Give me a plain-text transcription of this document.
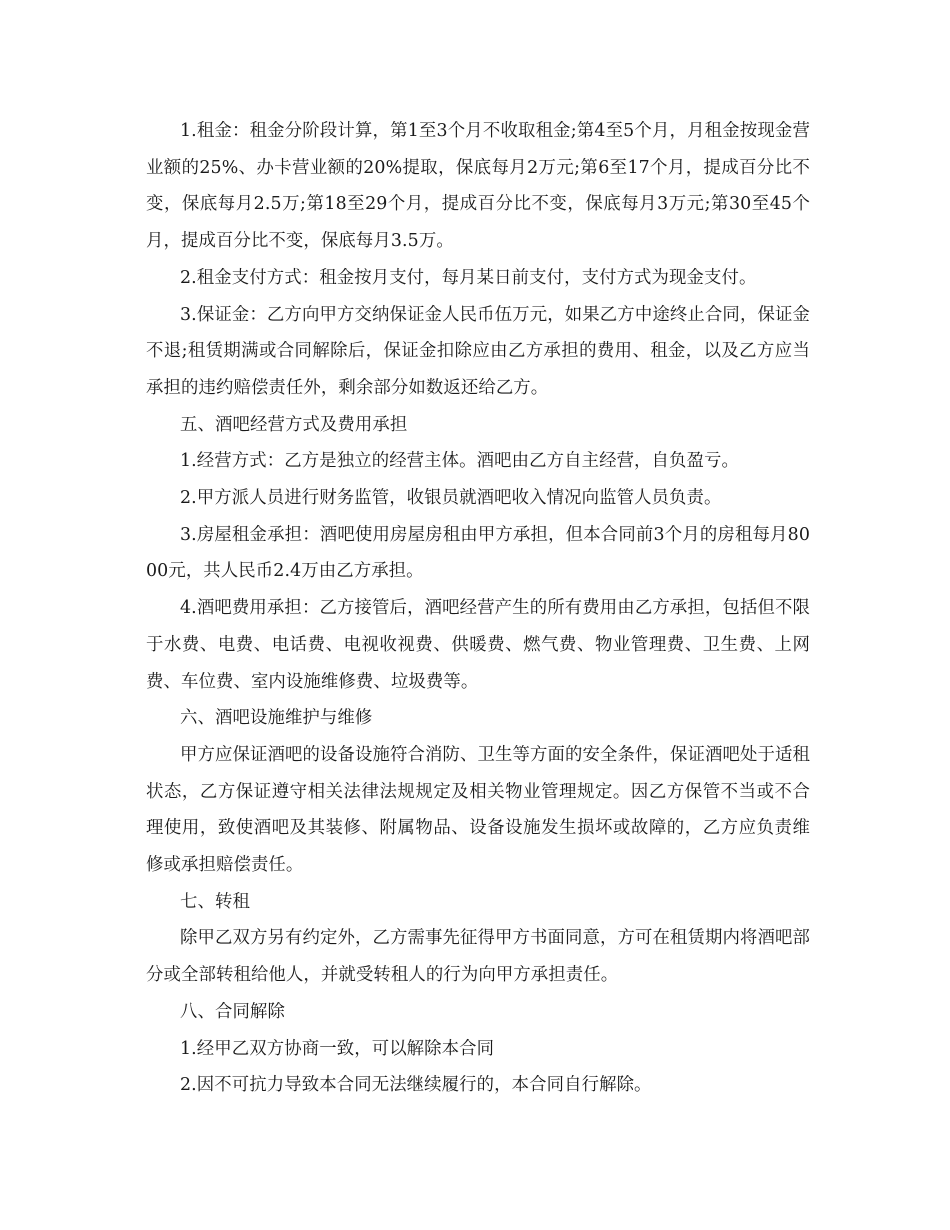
1.租金：租金分阶段计算，第1至3个月不收取租金;第4至5个月，月租金按现金营业额的25%、办卡营业额的20%提取，保底每月2万元;第6至17个月，提成百分比不变，保底每月2.5万;第18至29个月，提成百分比不变，保底每月3万元;第30至45个月，提成百分比不变，保底每月3.5万。

2.租金支付方式：租金按月支付，每月某日前支付，支付方式为现金支付。

3.保证金：乙方向甲方交纳保证金人民币伍万元，如果乙方中途终止合同，保证金不退;租赁期满或合同解除后，保证金扣除应由乙方承担的费用、租金，以及乙方应当承担的违约赔偿责任外，剩余部分如数返还给乙方。

五、酒吧经营方式及费用承担

1.经营方式：乙方是独立的经营主体。酒吧由乙方自主经营，自负盈亏。

2.甲方派人员进行财务监管，收银员就酒吧收入情况向监管人员负责。

3.房屋租金承担：酒吧使用房屋房租由甲方承担，但本合同前3个月的房租每月8000元，共人民币2.4万由乙方承担。

4.酒吧费用承担：乙方接管后，酒吧经营产生的所有费用由乙方承担，包括但不限于水费、电费、电话费、电视收视费、供暖费、燃气费、物业管理费、卫生费、上网费、车位费、室内设施维修费、垃圾费等。

六、酒吧设施维护与维修

甲方应保证酒吧的设备设施符合消防、卫生等方面的安全条件，保证酒吧处于适租状态，乙方保证遵守相关法律法规规定及相关物业管理规定。因乙方保管不当或不合理使用，致使酒吧及其装修、附属物品、设备设施发生损坏或故障的，乙方应负责维修或承担赔偿责任。

七、转租

除甲乙双方另有约定外，乙方需事先征得甲方书面同意，方可在租赁期内将酒吧部分或全部转租给他人，并就受转租人的行为向甲方承担责任。

八、合同解除

1.经甲乙双方协商一致，可以解除本合同

2.因不可抗力导致本合同无法继续履行的，本合同自行解除。
